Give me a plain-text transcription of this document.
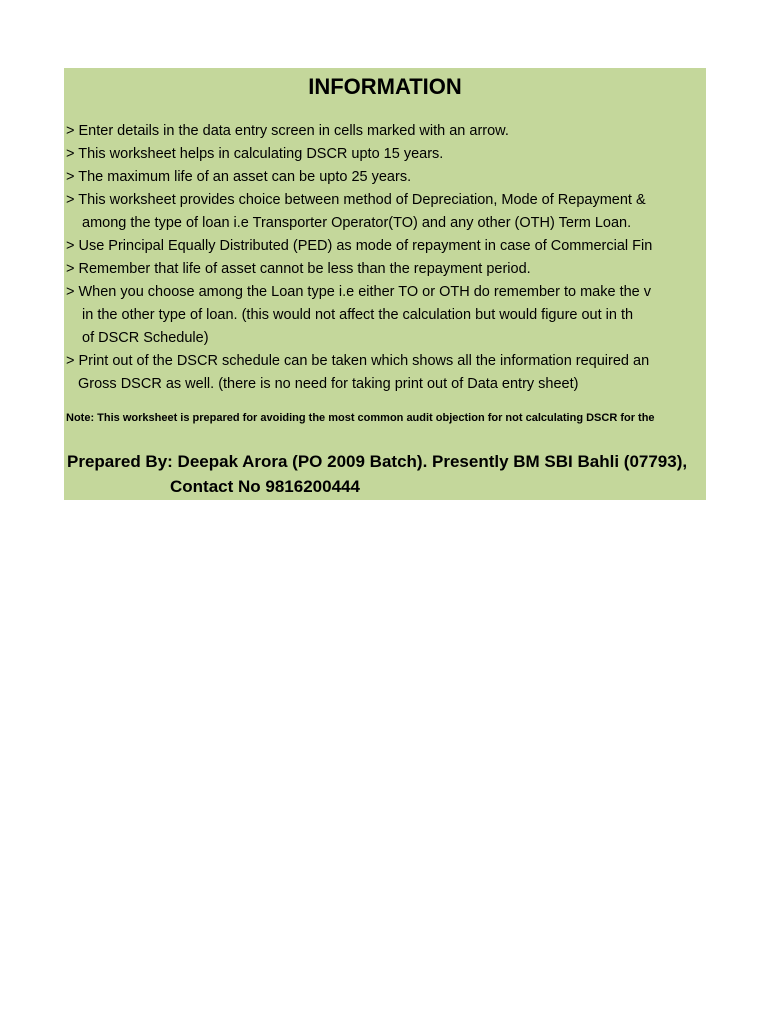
INFORMATION
> Enter details in the data entry screen in cells marked with an arrow.
> This worksheet helps in calculating DSCR upto 15 years.
> The maximum life of an asset can be upto 25 years.
> This worksheet provides choice between method of Depreciation, Mode of Repayment &
among the type of loan i.e Transporter Operator(TO) and any other (OTH) Term Loan.
> Use Principal Equally Distributed (PED) as mode of repayment in case of Commercial Fin
> Remember that life of asset cannot be less than the repayment period.
> When you choose among the Loan type i.e either TO or OTH do remember to make the v
in the other type of loan. (this would not affect the calculation but would figure out in th
of DSCR Schedule)
> Print out of the DSCR schedule can be taken which shows all the information required an
Gross DSCR as well. (there is no need for taking print out of Data entry sheet)
Note: This worksheet is prepared for avoiding the most common audit objection for not calculating DSCR for the
Prepared By: Deepak Arora (PO 2009 Batch). Presently BM SBI Bahli (07793),
Contact No 9816200444
